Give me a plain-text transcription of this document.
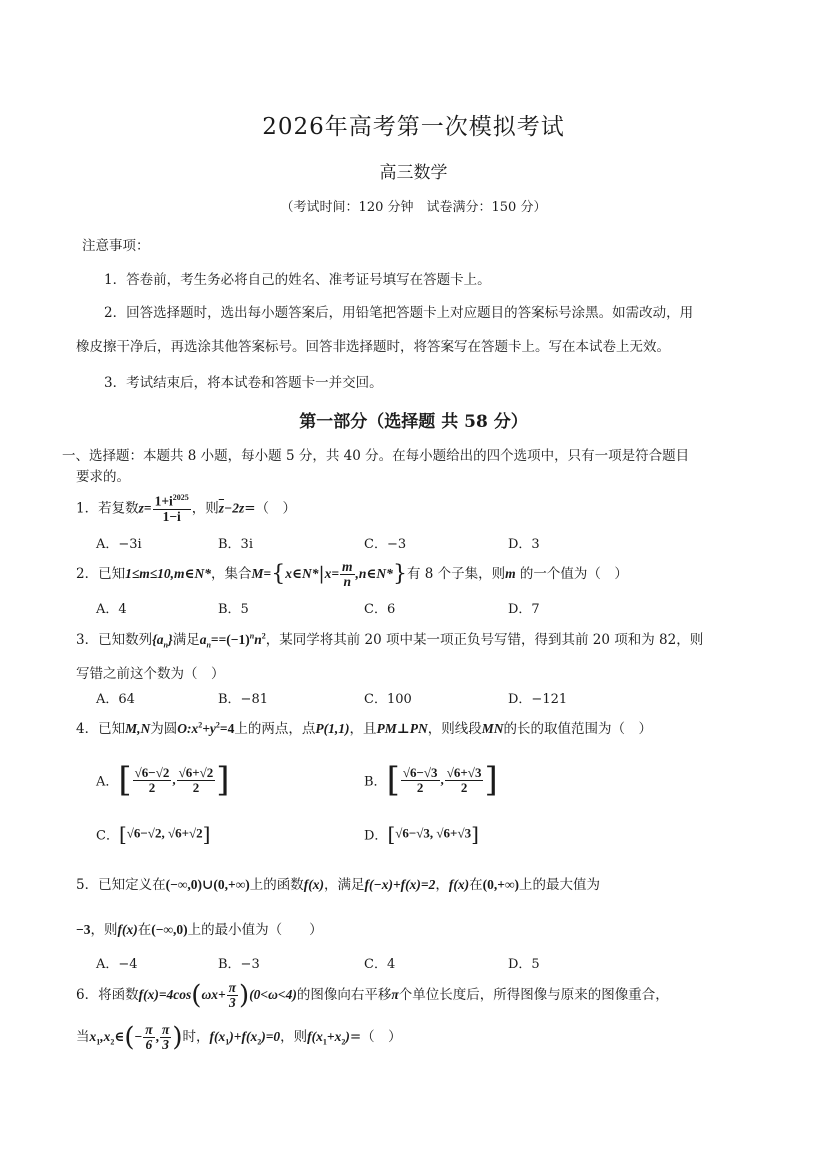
2026年高考第一次模拟考试
高三数学
（考试时间：120 分钟　试卷满分：150 分）
注意事项：
1．答卷前，考生务必将自己的姓名、准考证号填写在答题卡上。
2．回答选择题时，选出每小题答案后，用铅笔把答题卡上对应题目的答案标号涂黑。如需改动，用
橡皮擦干净后，再选涂其他答案标号。回答非选择题时，将答案写在答题卡上。写在本试卷上无效。
3．考试结束后，将本试卷和答题卡一并交回。
第一部分（选择题 共 58 分）
一、选择题：本题共 8 小题，每小题 5 分，共 40 分。在每小题给出的四个选项中，只有一项是符合题目
要求的。
1．若复数$z= \frac{1+i^{2025}}{1-i}$ ，则$\overline{z}-2z=$（　）
A．−3i	B．3i	C．−3	D．3
2．已知1≤m≤10,m∈N*，集合M={x∈N*|x= $\frac{m}{n}$ ,n∈N*}有 8 个子集，则m 的一个值为（　）
A．4	B．5	C．6	D．7
3．已知数列$\{a_n\}$满足$a_n==(-1)^nn^2$，某同学将其前 20 项中某一项正负号写错，得到其前 20 项和为 82，则
写错之前这个数为（　）
A．64	B．−81	C．100	D．−121
4．已知M,N为圆$O:x^2+y^2=4$上的两点，点P(1,1)，且PM⊥PN，则线段MN的长的取值范围为（　）
A．[ $\frac{√6-√2}{2}$ , $\frac{√6+√2}{2}$ ]	B．[ $\frac{√6-√3}{2}$ , $\frac{√6+√3}{2}$ ]
C．[√6−√2, √6+√2]	D．[√6−√3, √6+√3]
5．已知定义在(−∞,0)∪(0,+∞)上的函数f(x)，满足f(−x)+f(x)=2，f(x)在(0,+∞)上的最大值为
−3，则f(x)在(−∞,0)上的最小值为（　　）
A．−4	B．−3	C．4	D．5
6．将函数$f(x)=4\cos(\omega x+ \frac{\pi}{3} )(0<\omega<4)$的图像向右平移π个单位长度后，所得图像与原来的图像重合，
当$x_1,x_2\in(- \frac{\pi}{6}$ , $\frac{\pi}{3}$ )时，$f(x_1)+f(x_2)=0$，则$f(x_1+x_2)=$（　）
